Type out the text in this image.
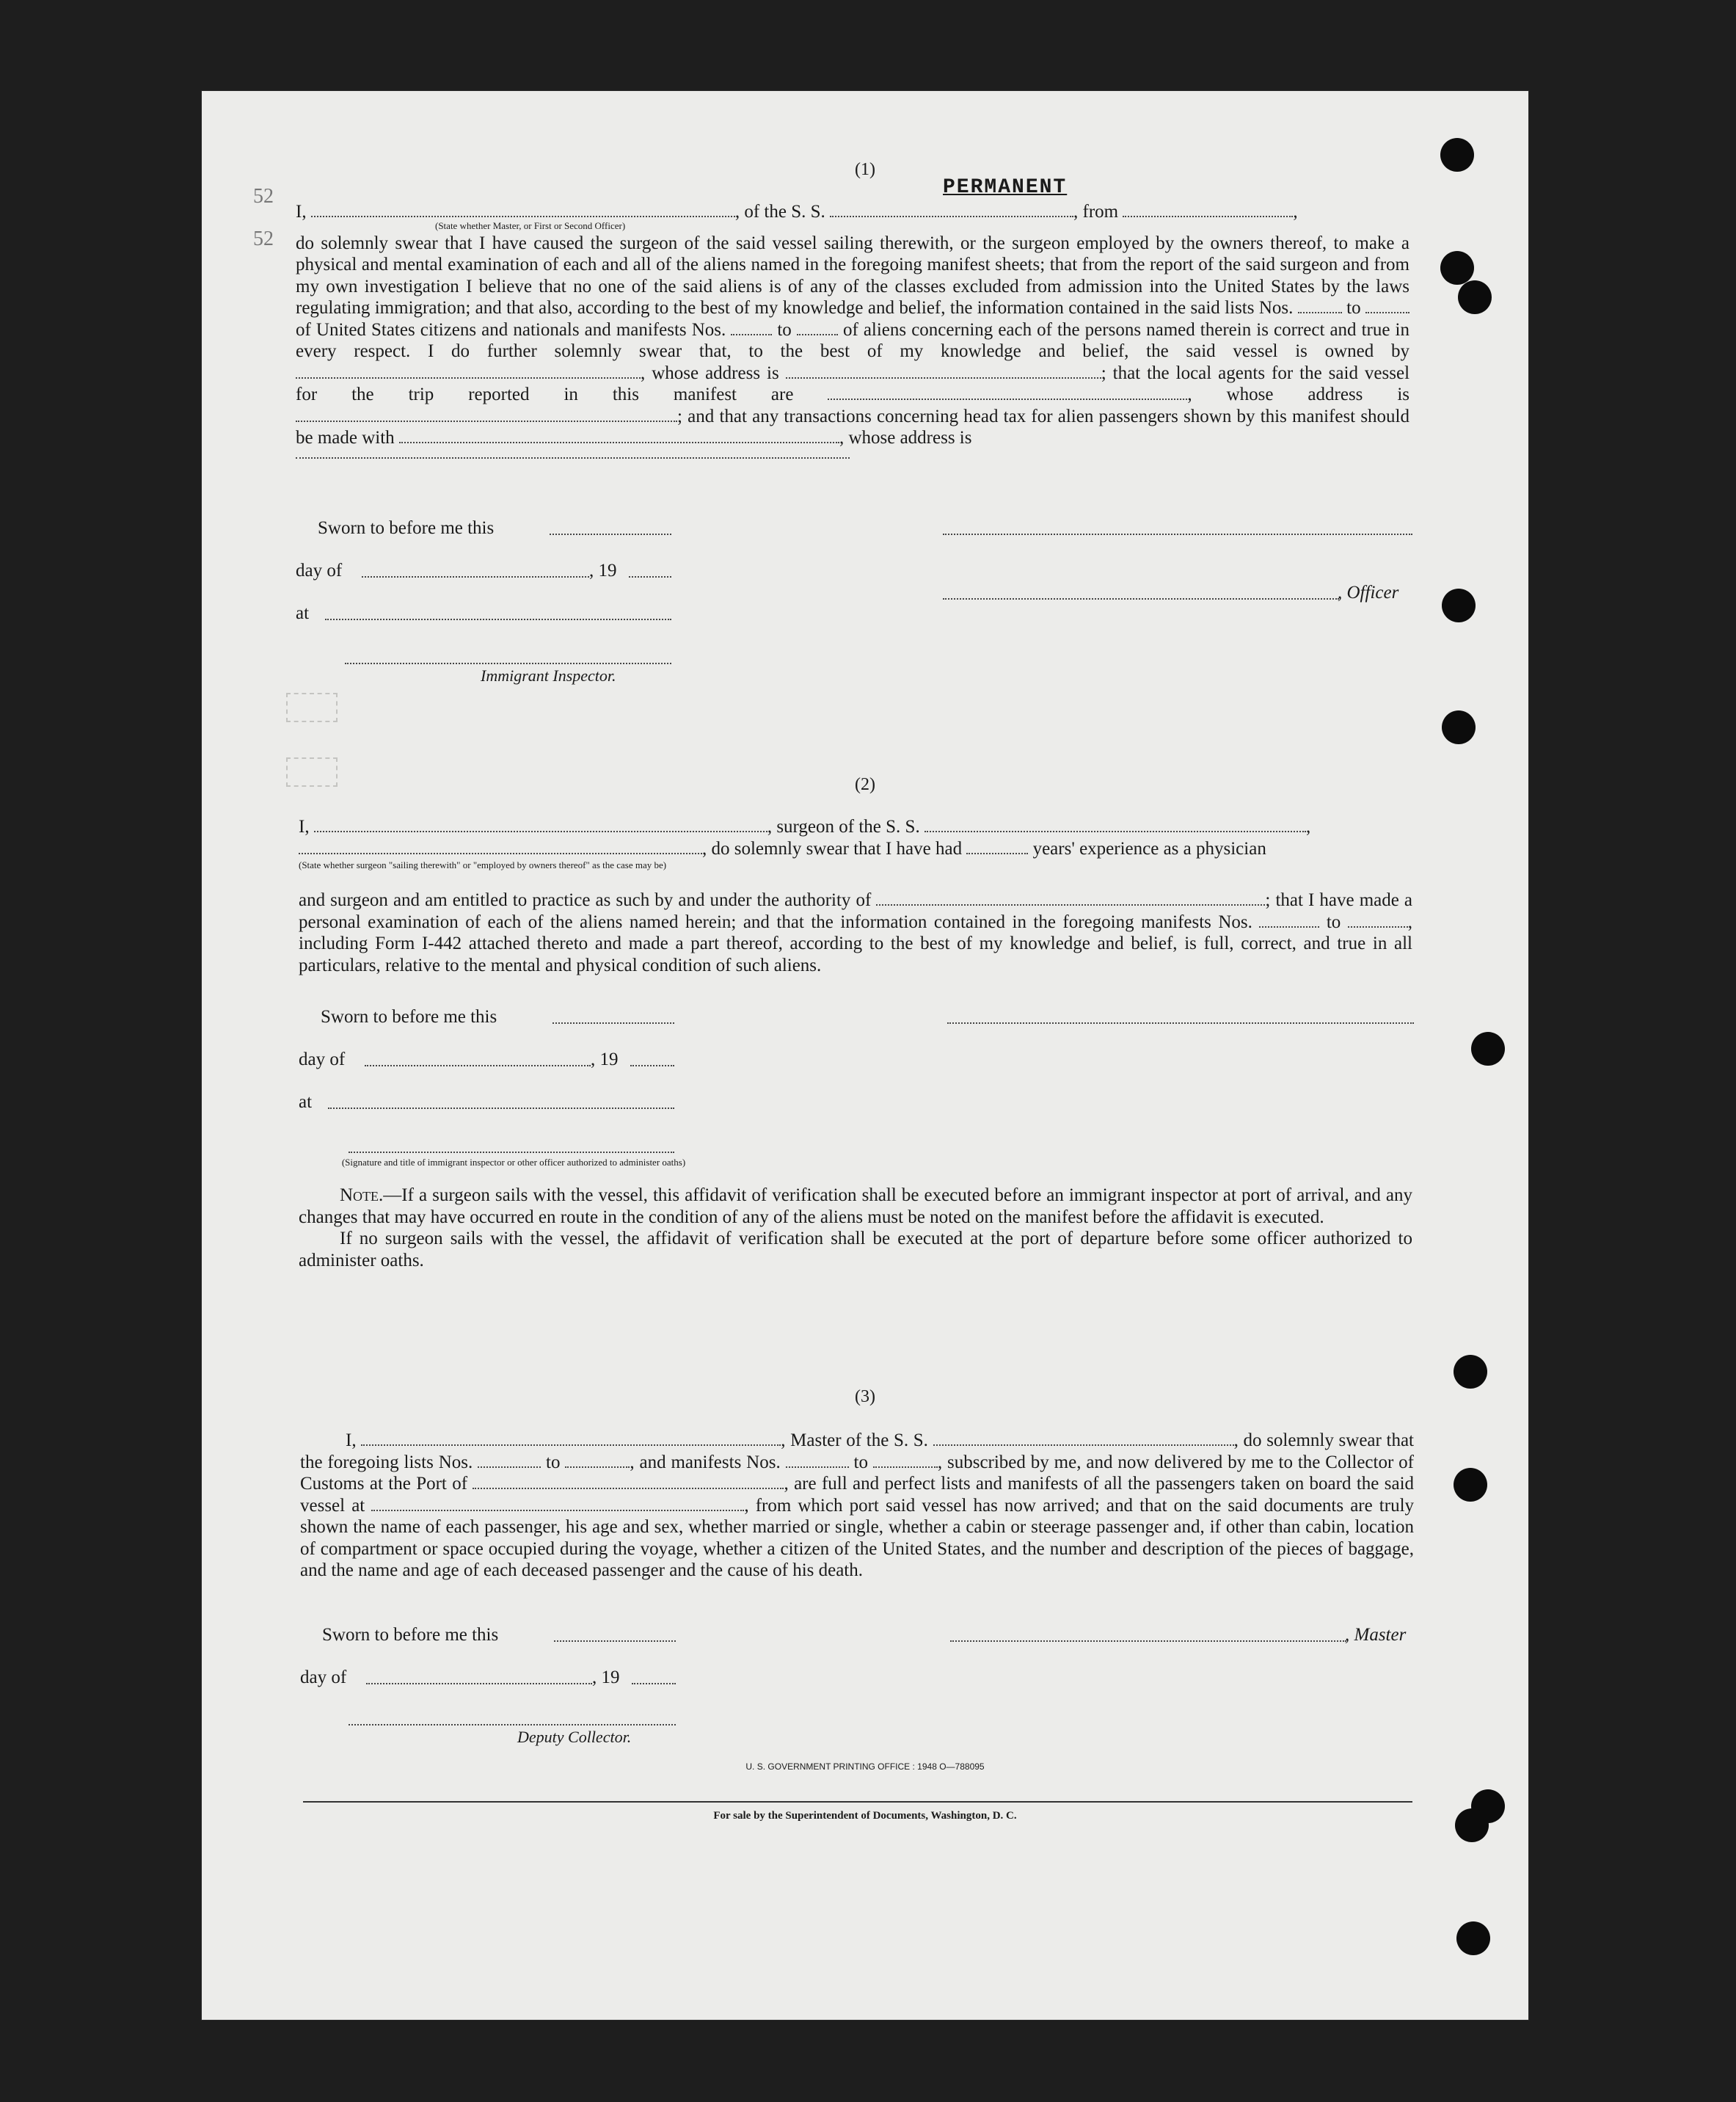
52
52
PERMANENT
(1)

I,	, of the S. S.	, from	,

(State whether Master, or First or Second Officer)

do solemnly swear that I have caused the surgeon of the said vessel sailing therewith, or the surgeon employed by the owners thereof, to make a physical and mental examination of each and all of the aliens named in the foregoing manifest sheets; that from the report of the said surgeon and from my own investigation I believe that no one of the said aliens is of any of the classes excluded from admission into the United States by the laws regulating immigration; and that also, according to the best of my knowledge and belief, the information contained in the said lists Nos.	to  of United States citizens and nationals and manifests Nos.	to	of aliens concerning each of the persons named therein is correct and true in every respect. I do further solemnly swear that, to the best of my knowledge and belief, the said vessel is owned by , whose address is	; that the local agents for the said vessel for the trip reported in this manifest are	, whose address is ; and that any transactions concerning head tax for alien passengers shown by this manifest should be made with	, whose address is

Sworn to before me this
day of	, 19
, Officer
at
Immigrant Inspector.
(2)

I,	, surgeon of the S. S.	,

, do solemnly swear that I have had	years' experience as a physician

(State whether surgeon "sailing therewith" or "employed by owners thereof" as the case may be)

and surgeon and am entitled to practice as such by and under the authority of	; that I have made a personal examination of each of the aliens named herein; and that the information contained in the foregoing manifests Nos.	to	, including Form I-442 attached thereto and made a part thereof, according to the best of my knowledge and belief, is full, correct, and true in all particulars, relative to the mental and physical condition of such aliens.

Sworn to before me this
day of	, 19
at
(Signature and title of immigrant inspector or other officer authorized to administer oaths)

Note.—If a surgeon sails with the vessel, this affidavit of verification shall be executed before an immigrant inspector at port of arrival, and any changes that may have occurred en route in the condition of any of the aliens must be noted on the manifest before the affidavit is executed.

If no surgeon sails with the vessel, the affidavit of verification shall be executed at the port of departure before some officer authorized to administer oaths.

(3)

I,	, Master of the S. S.	, do solemnly swear that the foregoing lists Nos.	to	, and manifests Nos.	to	, subscribed by me, and now delivered by me to the Collector of Customs at the Port of	, are full and perfect lists and manifests of all the passengers taken on board the said vessel at	, from which port said vessel has now arrived; and that on the said documents are truly shown the name of each passenger, his age and sex, whether married or single, whether a cabin or steerage passenger and, if other than cabin, location of compartment or space occupied during the voyage, whether a citizen of the United States, and the number and description of the pieces of baggage, and the name and age of each deceased passenger and the cause of his death.

Sworn to before me this	, Master
day of	, 19
Deputy Collector.
U. S. GOVERNMENT PRINTING OFFICE : 1948 O—788095
For sale by the Superintendent of Documents, Washington, D. C.
